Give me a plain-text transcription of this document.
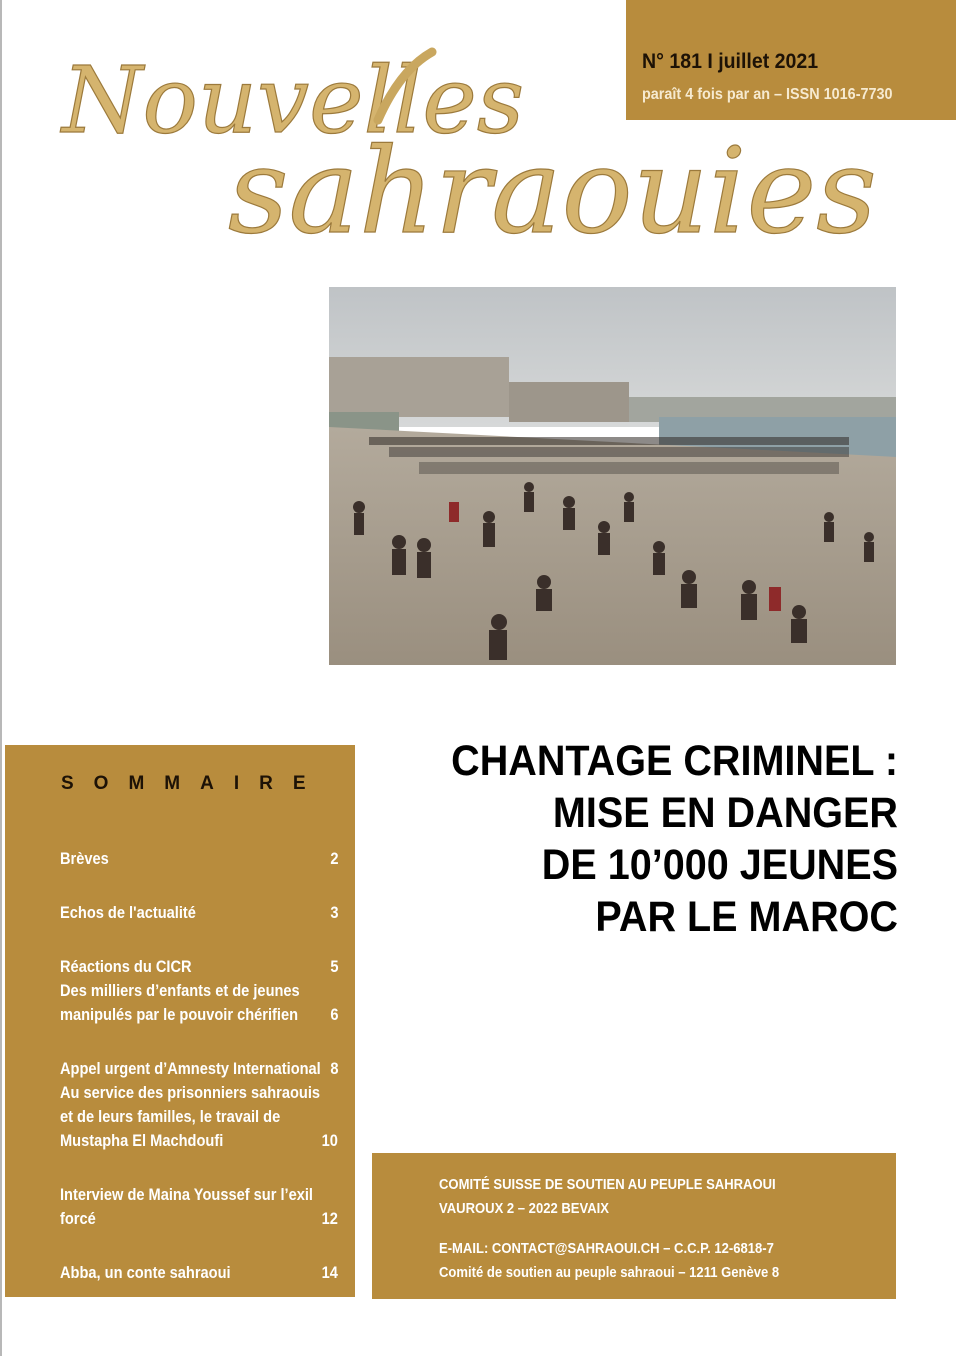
Nouvelles
sahraouies
N° 181 I juillet 2021
paraît 4 fois par an – ISSN 1016-7730
SOMMAIRE
Brèves	2
Echos de l'actualité	3
Réactions du CICR	5
Des milliers d’enfants et de jeunes
manipulés par le pouvoir chérifien 6
Appel urgent d’Amnesty International 8
Au service des prisonniers sahraouis
et de leurs familles, le travail de
Mustapha El Machdoufi	10
Interview de Maina Youssef sur l’exil
forcé	12
Abba, un conte sahraoui	14
CHANTAGE CRIMINEL :
MISE EN DANGER
DE 10’000 JEUNES
PAR LE MAROC
COMITÉ SUISSE DE SOUTIEN AU PEUPLE SAHRAOUI
VAUROUX 2 – 2022 BEVAIX
E-MAIL: CONTACT@SAHRAOUI.CH – C.C.P. 12-6818-7
Comité de soutien au peuple sahraoui – 1211 Genève 8
